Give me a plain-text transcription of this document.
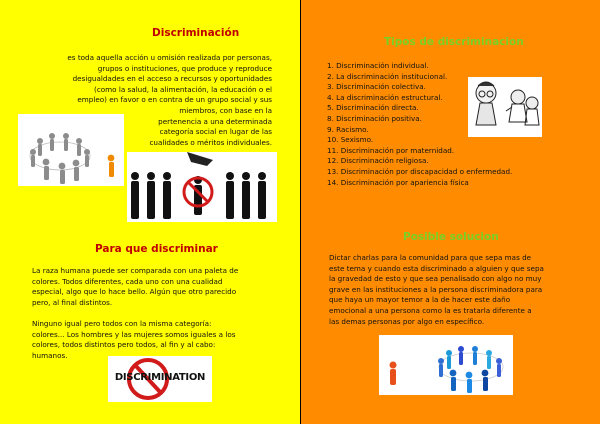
Discriminación
es toda aquella acción u omisión realizada por personas,
grupos o instituciones, que produce y reproduce
desigualdades en el acceso a recursos y oportunidades
(como la salud, la alimentación, la educación o el
empleo) en favor o en contra de un grupo social y sus
miembros, con base en la
pertenencia a una determinada
categoría social en lugar de las
cualidades o méritos individuales.
Para que discriminar
La raza humana puede ser comparada con una paleta de
colores. Todos diferentes, cada uno con una cualidad
especial, algo que lo hace bello. Algún que otro parecido
pero, al final distintos.
Ninguno igual pero todos con la misma categoría:
colores... Los hombres y las mujeres somos iguales a los
colores, todos distintos pero todos, al fin y al cabo:
humanos.
DISCRIMINATION
Tipos de discriminacion
1. Discriminación individual.
2. La discriminación institucional.
3. Discriminación colectiva.
4. La discriminación estructural.
5. Discriminación directa.
8. Discriminación positiva.
9. Racismo.
10. Sexismo.
11. Discriminación por maternidad.
12. Discriminación religiosa.
13. Discriminación por discapacidad o enfermedad.
14. Discriminación por apariencia física
Posible solucion
Dictar charlas para la comunidad para que sepa mas de
este tema y cuando esta discriminado a alguien y que sepa
la gravedad de esto y que sea penalisado con algo no muy
grave en las instituciones a la persona discriminadora para
que haya un mayor temor a la de hacer este daño
emocional a una persona como la es tratarla diferente a
las demas personas por algo en específico.
